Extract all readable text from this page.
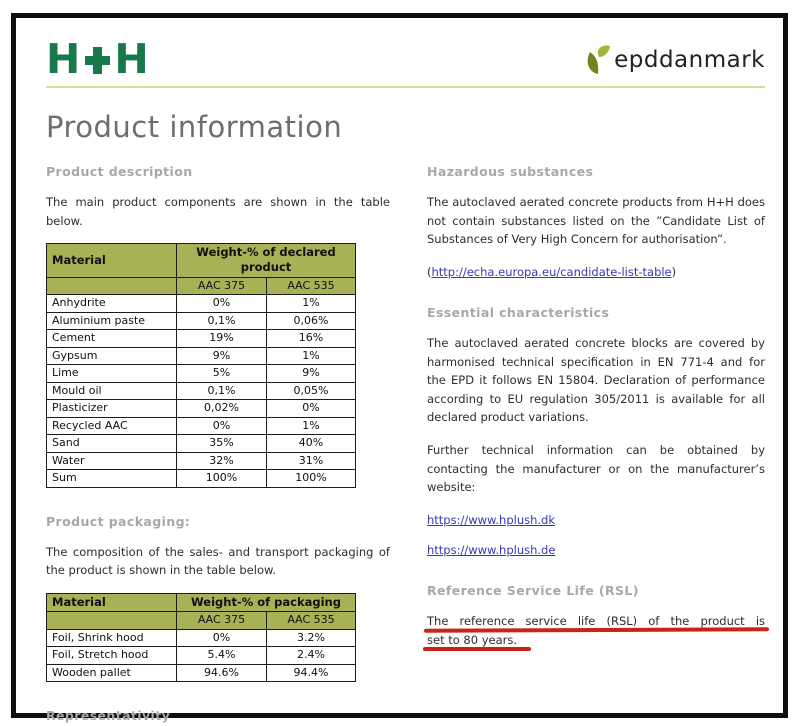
H H	epddanmark
Product information
Product description

The main product components are shown in the table below.

Material	Weight-% of declared product	
	AAC 375	AAC 535
Anhydrite	0%	1%
Aluminium paste	0,1%	0,06%
Cement	19%	16%
Gypsum	9%	1%
Lime	5%	9%
Mould oil	0,1%	0,05%
Plasticizer	0,02%	0%
Recycled AAC	0%	1%
Sand	35%	40%
Water	32%	31%
Sum	100%	100%
Product packaging:

The composition of the sales- and transport packaging of the product is shown in the table below.

Material	Weight-% of packaging	
	AAC 375	AAC 535
Foil, Shrink hood	0%	3.2%
Foil, Stretch hood	5.4%	2.4%
Wooden pallet	94.6%	94.4%
Representativity
Hazardous substances

The autoclaved aerated concrete products from H+H does not contain substances listed on the ”Candidate List of Substances of Very High Concern for authorisation”.

(http://echa.europa.eu/candidate-list-table)

Essential characteristics

The autoclaved aerated concrete blocks are covered by harmonised technical specification in EN 771-4 and for the EPD it follows EN 15804. Declaration of performance according to EU regulation 305/2011 is available for all declared product variations.

Further technical information can be obtained by contacting the manufacturer or on the manufacturer’s website:

https://www.hplush.dk

https://www.hplush.de

Reference Service Life (RSL)

The reference service life (RSL) of the product is
set to 80 years.
